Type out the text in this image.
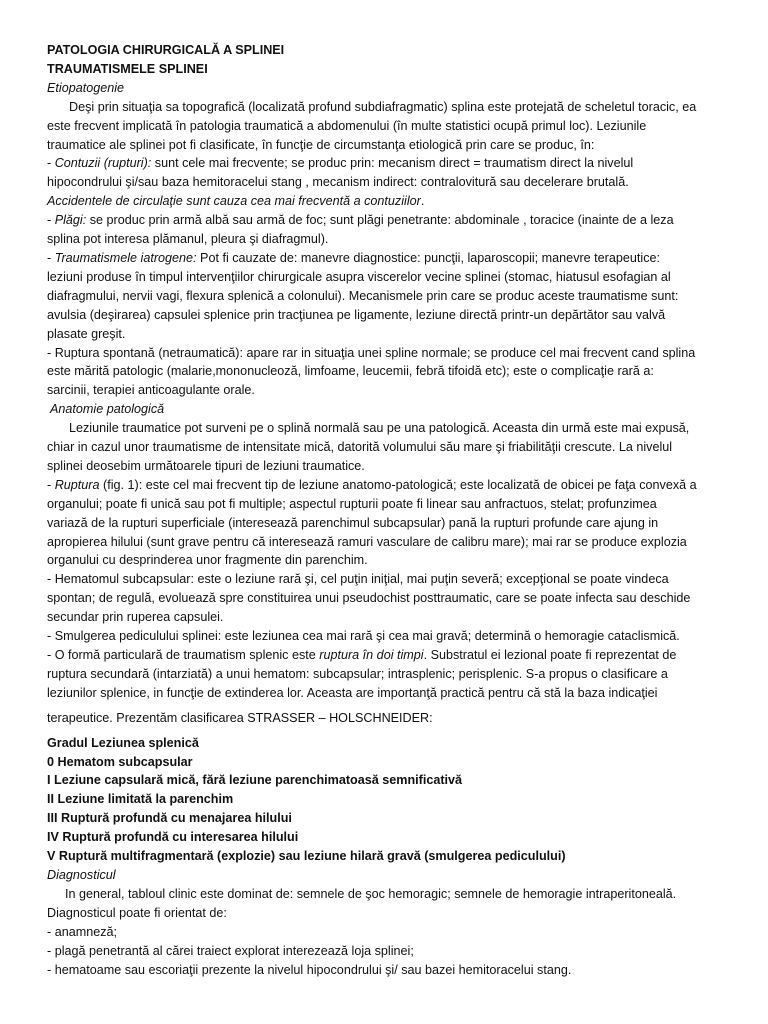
PATOLOGIA CHIRURGICALĂ A SPLINEI

TRAUMATISMELE SPLINEI

Etiopatogenie

Deşi prin situaţia sa topografică (localizată profund subdiafragmatic) splina este protejată de scheletul toracic, ea

este frecvent implicată în patologia traumatică a abdomenului (în multe statistici ocupă primul loc). Leziunile

traumatice ale splinei pot fi clasificate, în funcţie de circumstanţa etiologică prin care se produc, în:

- Contuzii (rupturi): sunt cele mai frecvente; se produc prin: mecanism direct = traumatism direct la nivelul

hipocondrului şi/sau baza hemitoracelui stang , mecanism indirect: contralovitură sau decelerare brutală.

Accidentele de circulaţie sunt cauza cea mai frecventă a contuziilor.

- Plăgi: se produc prin armă albă sau armă de foc; sunt plăgi penetrante: abdominale , toracice (inainte de a leza

splina pot interesa plămanul, pleura şi diafragmul).

- Traumatismele iatrogene: Pot fi cauzate de: manevre diagnostice: puncţii, laparoscopii; manevre terapeutice:

leziuni produse în timpul intervenţiilor chirurgicale asupra viscerelor vecine splinei (stomac, hiatusul esofagian al

diafragmului, nervii vagi, flexura splenică a colonului). Mecanismele prin care se produc aceste traumatisme sunt:

avulsia (deşirarea) capsulei splenice prin tracţiunea pe ligamente, leziune directă printr-un depărtător sau valvă

plasate greşit.

- Ruptura spontană (netraumatică): apare rar in situaţia unei spline normale; se produce cel mai frecvent cand splina

este mărită patologic (malarie,mononucleoză, limfoame, leucemii, febră tifoidă etc); este o complicaţie rară a:

sarcinii, terapiei anticoagulante orale.

Anatomie patologică

Leziunile traumatice pot surveni pe o splină normală sau pe una patologică. Aceasta din urmă este mai expusă,

chiar in cazul unor traumatisme de intensitate mică, datorită volumului său mare şi friabilităţii crescute. La nivelul

splinei deosebim următoarele tipuri de leziuni traumatice.

- Ruptura (fig. 1): este cel mai frecvent tip de leziune anatomo-patologică; este localizată de obicei pe faţa convexă a

organului; poate fi unică sau pot fi multiple; aspectul rupturii poate fi linear sau anfractuos, stelat; profunzimea

variază de la rupturi superficiale (interesează parenchimul subcapsular) pană la rupturi profunde care ajung in

apropierea hilului (sunt grave pentru că interesează ramuri vasculare de calibru mare); mai rar se produce explozia

organului cu desprinderea unor fragmente din parenchim.

- Hematomul subcapsular: este o leziune rară şi, cel puţin iniţial, mai puţin severă; excepţional se poate vindeca

spontan; de regulă, evoluează spre constituirea unui pseudochist posttraumatic, care se poate infecta sau deschide

secundar prin ruperea capsulei.

- Smulgerea pediculului splinei: este leziunea cea mai rară şi cea mai gravă; determină o hemoragie cataclismică.

- O formă particulară de traumatism splenic este ruptura în doi timpi. Substratul ei lezional poate fi reprezentat de

ruptura secundară (intarziată) a unui hematom: subcapsular; intrasplenic; perisplenic. S-a propus o clasificare a

leziunilor splenice, in funcţie de extinderea lor. Aceasta are importanţă practică pentru că stă la baza indicaţiei

terapeutice. Prezentăm clasificarea STRASSER – HOLSCHNEIDER:

Gradul Leziunea splenică

0 Hematom subcapsular

I Leziune capsulară mică, fără leziune parenchimatoasă semnificativă

II Leziune limitată la parenchim

III Ruptură profundă cu menajarea hilului

IV Ruptură profundă cu interesarea hilului

V Ruptură multifragmentară (explozie) sau leziune hilară gravă (smulgerea pediculului)

Diagnosticul

In general, tabloul clinic este dominat de: semnele de şoc hemoragic; semnele de hemoragie intraperitoneală.

Diagnosticul poate fi orientat de:

- anamneză;

- plagă penetrantă al cărei traiect explorat interezează loja splinei;

- hematoame sau escoriaţii prezente la nivelul hipocondrului şi/ sau bazei hemitoracelui stang.
